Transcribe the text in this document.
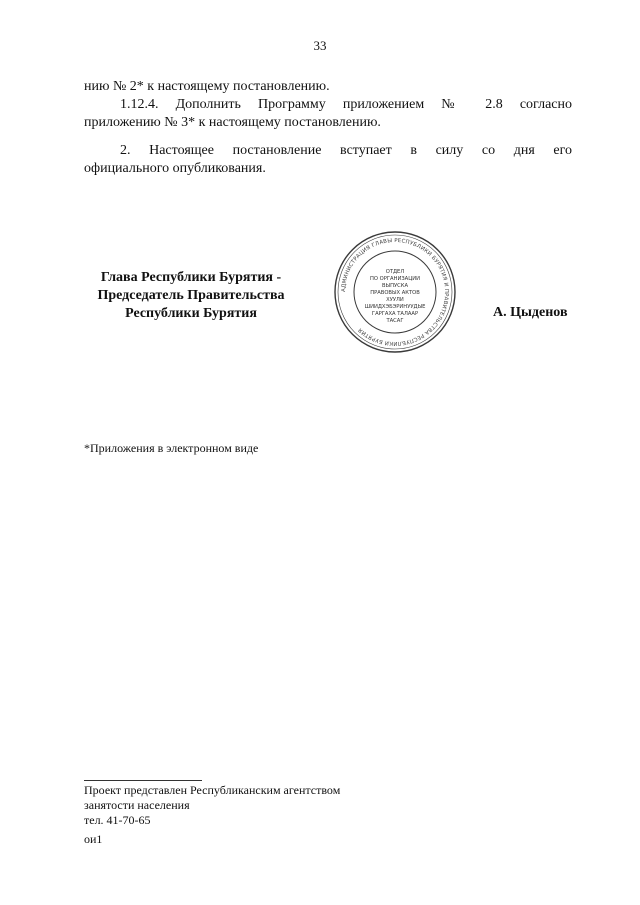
33
нию № 2* к настоящему постановлению.
1.12.4. Дополнить Программу приложением № 2.8 согласно
приложению № 3* к настоящему постановлению.
2. Настоящее постановление вступает в силу со дня его
официального опубликования.
Глава Республики Бурятия -
Председатель Правительства
Республики Бурятия
АДМИНИСТРАЦИЯ ГЛАВЫ РЕСПУБЛИКИ БУРЯТИЯ И ПРАВИТЕЛЬСТВА РЕСПУБЛИКИ БУРЯТИЯ
ОТДЕЛ
ПО ОРГАНИЗАЦИИ
ВЫПУСКА
ПРАВОВЫХ АКТОВ
ХУУЛИ
ШИИДХЭБЭРИНУУДЫЕ
ГАРГАХА ТАЛААР
ТАСАГ
А. Цыденов
*Приложения в электронном виде
Проект представлен Республиканским агентством
занятости населения
тел. 41-70-65
ои1
